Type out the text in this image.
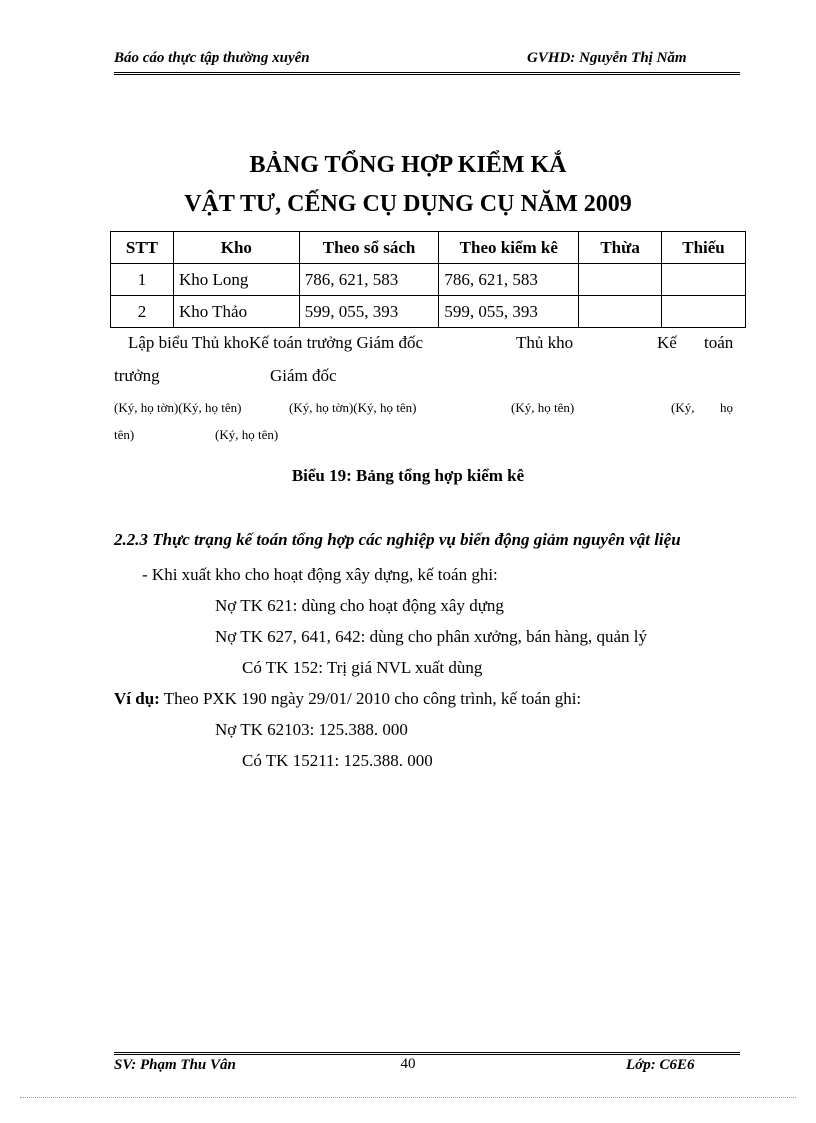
Báo cáo thực tập thường xuyên	GVHD: Nguyễn Thị Năm
BẢNG TỔNG HỢP KIỂM KẮ
VẬT TƯ, CẾNG CỤ DỤNG CỤ NĂM 2009
STT	Kho	Theo sổ sách	Theo kiểm kê	Thừa	Thiếu
1	Kho Long	786, 621, 583	786, 621, 583		
2	Kho Thảo	599, 055, 393	599, 055, 393		
Lập biểu Thủ khoKế toán trưởng Giám đốc	Thủ kho	Kế toán
trưởng	Giám đốc
(Ký, họ tờn)(Ký, họ tên)	(Ký, họ tờn)(Ký, họ tên)	(Ký, họ tên)	(Ký, họ
tên)	(Ký, họ tên)
Biểu 19: Bảng tổng hợp kiểm kê
2.2.3 Thực trạng kế toán tổng hợp các nghiệp vụ biến động giảm nguyên vật liệu
- Khi xuất kho cho hoạt động xây dựng, kế toán ghi:
Nợ TK 621: dùng cho hoạt động xây dựng
Nợ TK 627, 641, 642: dùng cho phân xưởng, bán hàng, quản lý
Có TK 152: Trị giá NVL xuất dùng
Ví dụ: Theo PXK 190 ngày 29/01/ 2010 cho công trình, kế toán ghi:
Nợ TK 62103: 125.388. 000
Có TK 15211: 125.388. 000
SV: Phạm Thu Vân	40	Lớp: C6E6
